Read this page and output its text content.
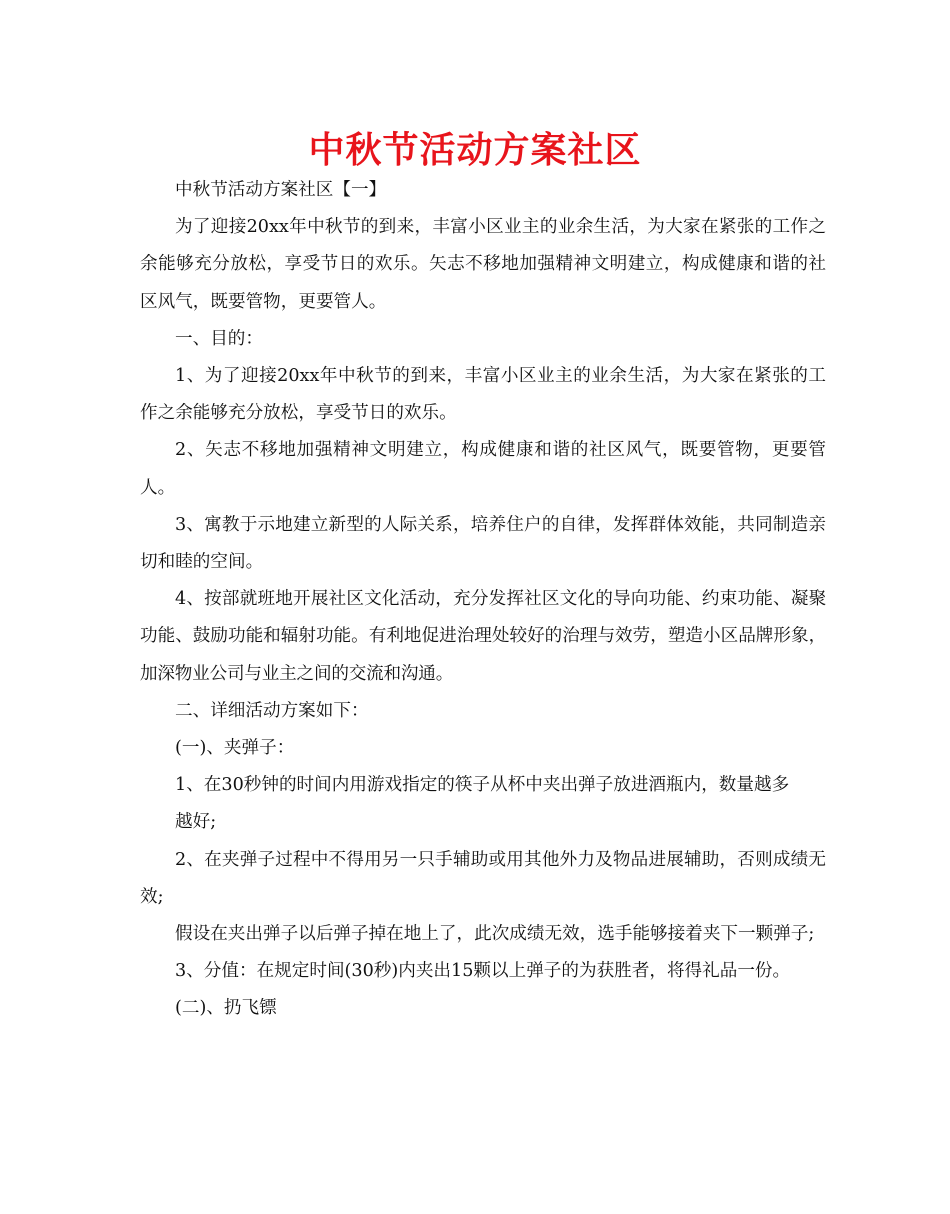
中秋节活动方案社区

中秋节活动方案社区【一】

为了迎接20xx年中秋节的到来，丰富小区业主的业余生活，为大家在紧张的工作之余能够充分放松，享受节日的欢乐。矢志不移地加强精神文明建立，构成健康和谐的社区风气，既要管物，更要管人。

一、目的：

1、为了迎接20xx年中秋节的到来，丰富小区业主的业余生活，为大家在紧张的工作之余能够充分放松，享受节日的欢乐。

2、矢志不移地加强精神文明建立，构成健康和谐的社区风气，既要管物，更要管人。

3、寓教于示地建立新型的人际关系，培养住户的自律，发挥群体效能，共同制造亲切和睦的空间。

4、按部就班地开展社区文化活动，充分发挥社区文化的导向功能、约束功能、凝聚功能、鼓励功能和辐射功能。有利地促进治理处较好的治理与效劳，塑造小区品牌形象，加深物业公司与业主之间的交流和沟通。

二、详细活动方案如下：

(一)、夹弹子：

1、在30秒钟的时间内用游戏指定的筷子从杯中夹出弹子放进酒瓶内，数量越多

越好;

2、在夹弹子过程中不得用另一只手辅助或用其他外力及物品进展辅助，否则成绩无效;

假设在夹出弹子以后弹子掉在地上了，此次成绩无效，选手能够接着夹下一颗弹子;

3、分值：在规定时间(30秒)内夹出15颗以上弹子的为获胜者，将得礼品一份。

(二)、扔飞镖
